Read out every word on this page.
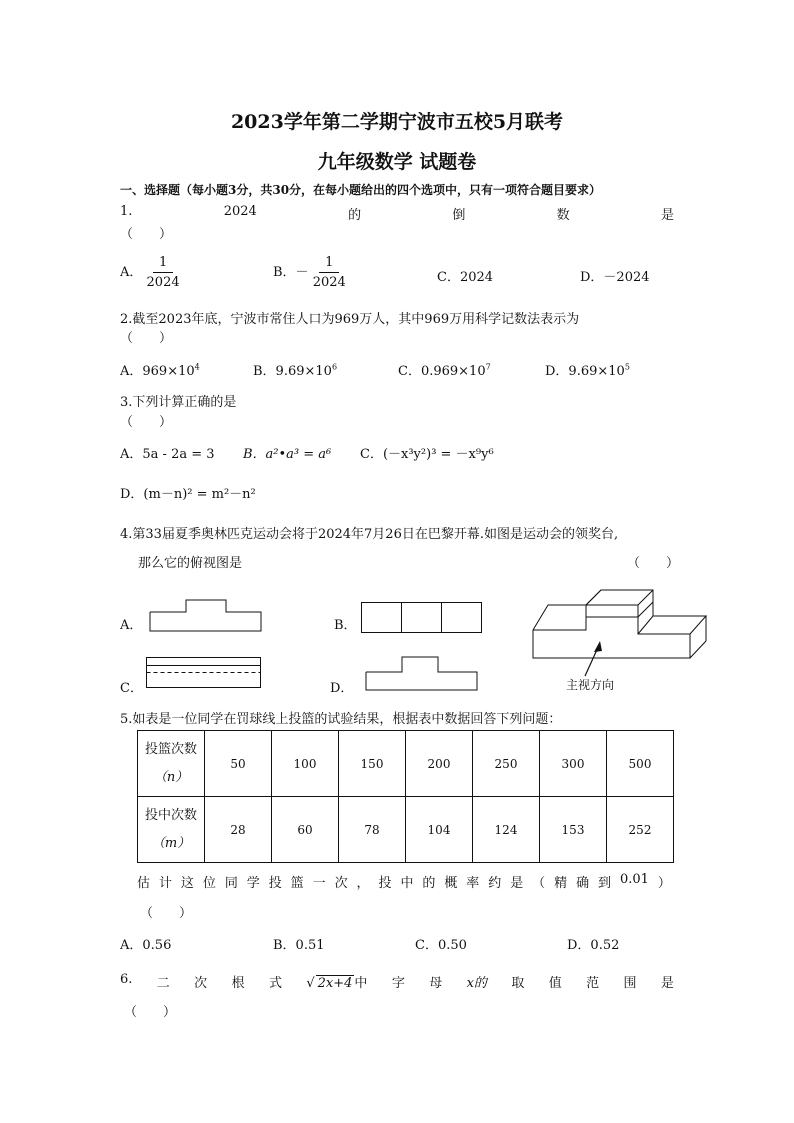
2023学年第二学期宁波市五校5月联考
九年级数学 试题卷
一、选择题（每小题3分，共30分，在每小题给出的四个选项中，只有一项符合题目要求）
1.	2024	的	倒	数	是
（　　）
A． $\frac{1}{2024}$	B．－ $\frac{1}{2024}$	C．2024	D．－2024
2.截至2023年底，宁波市常住人口为969万人，其中969万用科学记数法表示为
（　　）
A．$969\times 10^4$	B．$9.69\times 10^6$	C．$0.969\times 10^7$	D．$9.69\times 10^5$
3.下列计算正确的是
（　　）
A．5a - 2a = 3 B．a²•a³ = a⁶ C．(－x³y²)³ = －x⁹y⁶
D．(m－n)² = m²－n²
4.第33届夏季奥林匹克运动会将于2024年7月26日在巴黎开幕.如图是运动会的领奖台,
那么它的俯视图是	（　　）
A．	B．
C．	D．	主视方向
5.如表是一位同学在罚球线上投篮的试验结果，根据表中数据回答下列问题：
投篮次数
（n）	50	100	150	200	250	300	500

投中次数
（m）	28	60	78	104	124	153	252
估 计 这 位 同 学 投 篮 一 次 ， 投 中 的 概 率 约 是 （ 精 确 到 0.01 ）
（　　）
A．0.56	B．0.51	C．0.50	D．0.52
6. 二 次 根 式 √ 2x+4 中 字 母 x的 取 值 范 围 是
（　　）
